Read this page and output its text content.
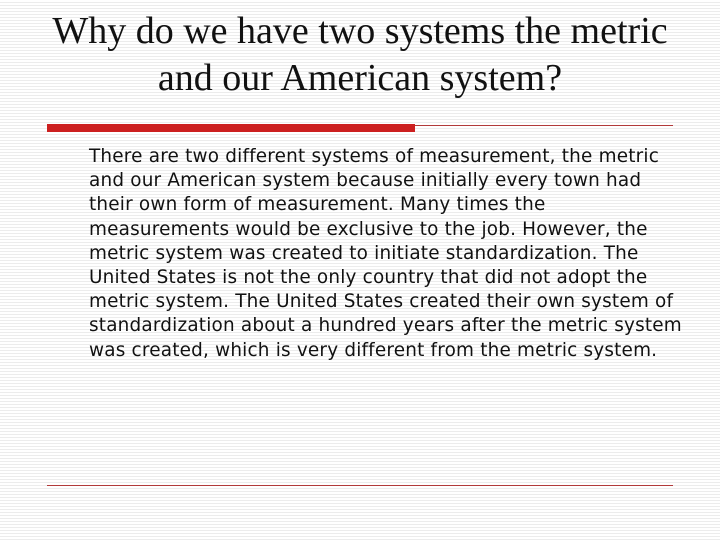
Why do we have two systems the metric
and our American system?

There are two different systems of measurement, the metric and our American system because initially every town had their own form of measurement. Many times the measurements would be exclusive to the job. However, the metric system was created to initiate standardization. The United States is not the only country that did not adopt the metric system. The United States created their own system of standardization about a hundred years after the metric system was created, which is very different from the metric system.
